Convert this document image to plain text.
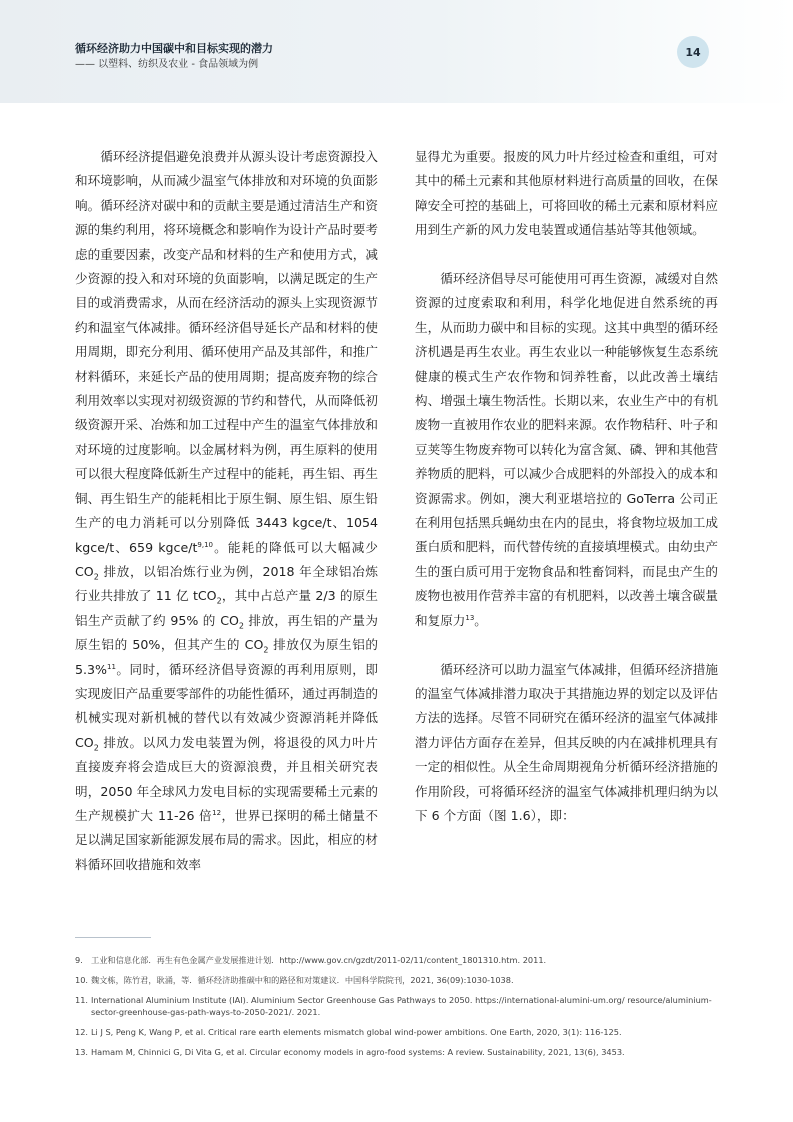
循环经济助力中国碳中和目标实现的潜力
—— 以塑料、纺织及农业 - 食品领域为例
14

循环经济提倡避免浪费并从源头设计考虑资源投入和环境影响，从而减少温室气体排放和对环境的负面影响。循环经济对碳中和的贡献主要是通过清洁生产和资源的集约利用，将环境概念和影响作为设计产品时要考虑的重要因素，改变产品和材料的生产和使用方式，减少资源的投入和对环境的负面影响，以满足既定的生产目的或消费需求，从而在经济活动的源头上实现资源节约和温室气体减排。循环经济倡导延长产品和材料的使用周期，即充分利用、循环使用产品及其部件，和推广材料循环，来延长产品的使用周期；提高废弃物的综合利用效率以实现对初级资源的节约和替代，从而降低初级资源开采、冶炼和加工过程中产生的温室气体排放和对环境的过度影响。以金属材料为例，再生原料的使用可以很大程度降低新生产过程中的能耗，再生铝、再生铜、再生铅生产的能耗相比于原生铜、原生铝、原生铅生产的电力消耗可以分别降低 3443 kgce/t、1054 kgce/t、659 kgce/$t^{9,10}$。能耗的降低可以大幅减少 $CO_2$ 排放，以铝冶炼行业为例，2018 年全球铝冶炼行业共排放了 11 亿 tCO$_2$，其中占总产量 2/3 的原生铝生产贡献了约 95% 的 $CO_2$ 排放，再生铝的产量为原生铝的 50%，但其产生的 $CO_2$ 排放仅为原生铝的 5.3%$^{11}$。同时，循环经济倡导资源的再利用原则，即实现废旧产品重要零部件的功能性循环，通过再制造的机械实现对新机械的替代以有效减少资源消耗并降低 $CO_2$ 排放。以风力发电装置为例，将退役的风力叶片直接废弃将会造成巨大的资源浪费，并且相关研究表明，2050 年全球风力发电目标的实现需要稀土元素的生产规模扩大 11-26 倍$^{12}$，世界已探明的稀土储量不足以满足国家新能源发展布局的需求。因此，相应的材料循环回收措施和效率

显得尤为重要。报废的风力叶片经过检查和重组，可对其中的稀土元素和其他原材料进行高质量的回收，在保障安全可控的基础上，可将回收的稀土元素和原材料应用到生产新的风力发电装置或通信基站等其他领域。

循环经济倡导尽可能使用可再生资源，减缓对自然资源的过度索取和利用，科学化地促进自然系统的再生，从而助力碳中和目标的实现。这其中典型的循环经济机遇是再生农业。再生农业以一种能够恢复生态系统健康的模式生产农作物和饲养牲畜，以此改善土壤结构、增强土壤生物活性。长期以来，农业生产中的有机废物一直被用作农业的肥料来源。农作物秸秆、叶子和豆荚等生物废弃物可以转化为富含氮、磷、钾和其他营养物质的肥料，可以减少合成肥料的外部投入的成本和资源需求。例如，澳大利亚堪培拉的 GoTerra 公司正在利用包括黑兵蝇幼虫在内的昆虫，将食物垃圾加工成蛋白质和肥料，而代替传统的直接填埋模式。由幼虫产生的蛋白质可用于宠物食品和牲畜饲料，而昆虫产生的废物也被用作营养丰富的有机肥料，以改善土壤含碳量和复原力$^{13}$。

循环经济可以助力温室气体减排，但循环经济措施的温室气体减排潜力取决于其措施边界的划定以及评估方法的选择。尽管不同研究在循环经济的温室气体减排潜力评估方面存在差异，但其反映的内在减排机理具有一定的相似性。从全生命周期视角分析循环经济措施的作用阶段，可将循环经济的温室气体减排机理归纳为以下 6 个方面（图 1.6），即：

9. 工业和信息化部．再生有色金属产业发展推进计划．http://www.gov.cn/gzdt/2011-02/11/content_1801310.htm. 2011.
10. 魏文栋，陈竹君，耿涌，等．循环经济助推碳中和的路径和对策建议．中国科学院院刊，2021, 36(09):1030-1038.
11. International Aluminium Institute (IAI). Aluminium Sector Greenhouse Gas Pathways to 2050. https://international-alumini-um.org/ resource/aluminium-sector-greenhouse-gas-path-ways-to-2050-2021/. 2021.
12. Li J S, Peng K, Wang P, et al. Critical rare earth elements mismatch global wind-power ambitions. One Earth, 2020, 3(1): 116-125.
13. Hamam M, Chinnici G, Di Vita G, et al. Circular economy models in agro-food systems: A review. Sustainability, 2021, 13(6), 3453.
